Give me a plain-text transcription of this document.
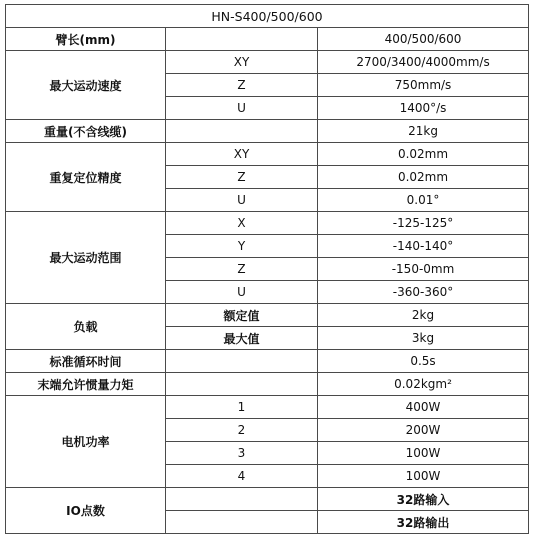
HN-S400/500/600		
臂长(mm)		400/500/600
最大运动速度	XY	2700/3400/4000mm/s
	Z	750mm/s
	U	1400°/s
重量(不含线缆)		21kg
重复定位精度	XY	0.02mm
	Z	0.02mm
	U	0.01°
最大运动范围	X	-125-125°
	Y	-140-140°
	Z	-150-0mm
	U	-360-360°
负载	额定值	2kg
	最大值	3kg
标准循环时间		0.5s
末端允许惯量力矩		0.02kgm²
电机功率	1	400W
	2	200W
	3	100W
	4	100W
IO点数		32路输入
		32路输出
